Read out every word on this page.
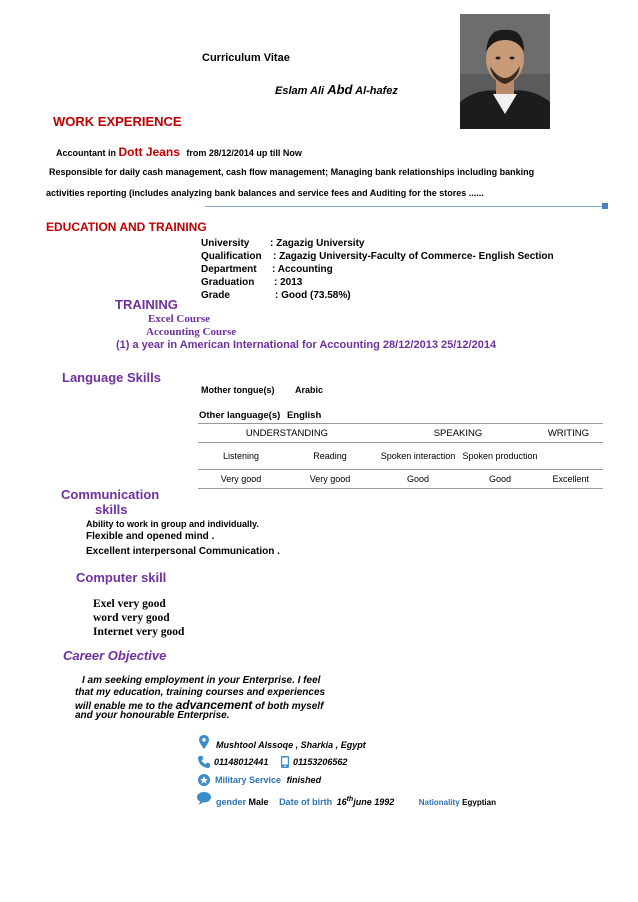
Curriculum Vitae
Eslam Ali Abd Al-hafez
WORK EXPERIENCE
Accountant in Dott Jeans from 28/12/2014 up till Now
Responsible for daily cash management, cash flow management; Managing bank relationships including banking
activities reporting (includes analyzing bank balances and service fees and Auditing for the stores ......
EDUCATION AND TRAINING
University : Zagazig University
Qualification : Zagazig University-Faculty of Commerce- English Section
Department : Accounting
Graduation : 2013
Grade	: Good (73.58%)
TRAINING
Excel Course
Accounting Course
(1) a year in American International for Accounting 28/12/2013 25/12/2014
Language Skills
Mother tongue(s) Arabic
Other language(s) English
UNDERSTANDING		SPEAKING		WRITING
Listening	Reading	Spoken interaction	Spoken production	
Very good	Very good	Good	Good	Excellent
Communication
skills
Ability to work in group and individually.
Flexible and opened mind .
Excellent interpersonal Communication .
Computer skill
Exel very good
word very good
Internet very good
Career Objective
I am seeking employment in your Enterprise. I feel
that my education, training courses and experiences
will enable me to the advancement of both myself
and your honourable Enterprise.
Mushtool Alssoqe , Sharkia , Egypt
01148012441	01153206562
Military Service finished
gender Male Date of birth 16thjune 1992	Nationality Egyptian
